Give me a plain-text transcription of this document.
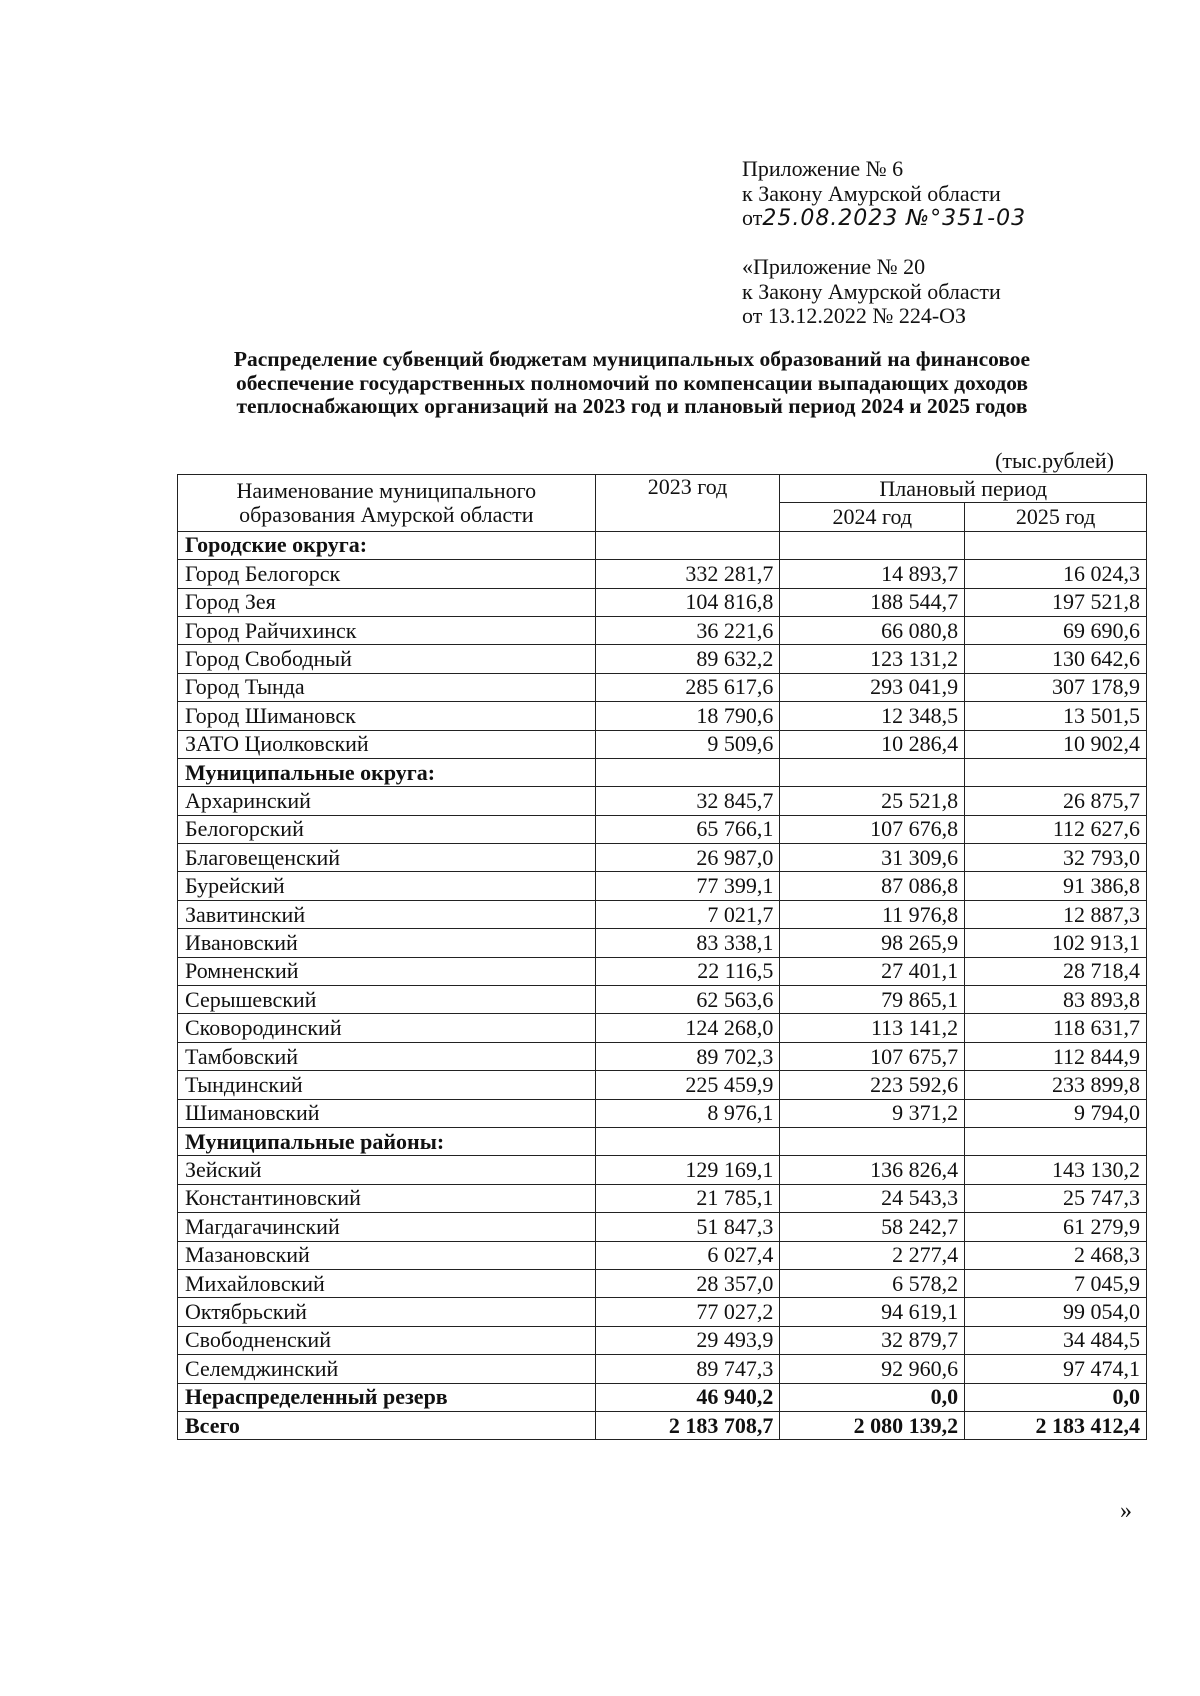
Приложение № 6
к Закону Амурской области
от25.08.2023 №°351-03
«Приложение № 20
к Закону Амурской области
от 13.12.2022 № 224-ОЗ
Распределение субвенций бюджетам муниципальных образований на финансовое
обеспечение государственных полномочий по компенсации выпадающих доходов
теплоснабжающих организаций на 2023 год и плановый период 2024 и 2025 годов
(тыс.рублей)
Наименование муниципального
образования Амурской области	2023 год	Плановый период	
		2024 год	2025 год
Городские округа:			
Город Белогорск	332 281,7	14 893,7	16 024,3
Город Зея	104 816,8	188 544,7	197 521,8
Город Райчихинск	36 221,6	66 080,8	69 690,6
Город Свободный	89 632,2	123 131,2	130 642,6
Город Тында	285 617,6	293 041,9	307 178,9
Город Шимановск	18 790,6	12 348,5	13 501,5
ЗАТО Циолковский	9 509,6	10 286,4	10 902,4
Муниципальные округа:			
Архаринский	32 845,7	25 521,8	26 875,7
Белогорский	65 766,1	107 676,8	112 627,6
Благовещенский	26 987,0	31 309,6	32 793,0
Бурейский	77 399,1	87 086,8	91 386,8
Завитинский	7 021,7	11 976,8	12 887,3
Ивановский	83 338,1	98 265,9	102 913,1
Ромненский	22 116,5	27 401,1	28 718,4
Серышевский	62 563,6	79 865,1	83 893,8
Сковородинский	124 268,0	113 141,2	118 631,7
Тамбовский	89 702,3	107 675,7	112 844,9
Тындинский	225 459,9	223 592,6	233 899,8
Шимановский	8 976,1	9 371,2	9 794,0
Муниципальные районы:			
Зейский	129 169,1	136 826,4	143 130,2
Константиновский	21 785,1	24 543,3	25 747,3
Магдагачинский	51 847,3	58 242,7	61 279,9
Мазановский	6 027,4	2 277,4	2 468,3
Михайловский	28 357,0	6 578,2	7 045,9
Октябрьский	77 027,2	94 619,1	99 054,0
Свободненский	29 493,9	32 879,7	34 484,5
Селемджинский	89 747,3	92 960,6	97 474,1
Нераспределенный резерв	46 940,2	0,0	0,0
Всего	2 183 708,7	2 080 139,2	2 183 412,4
»
